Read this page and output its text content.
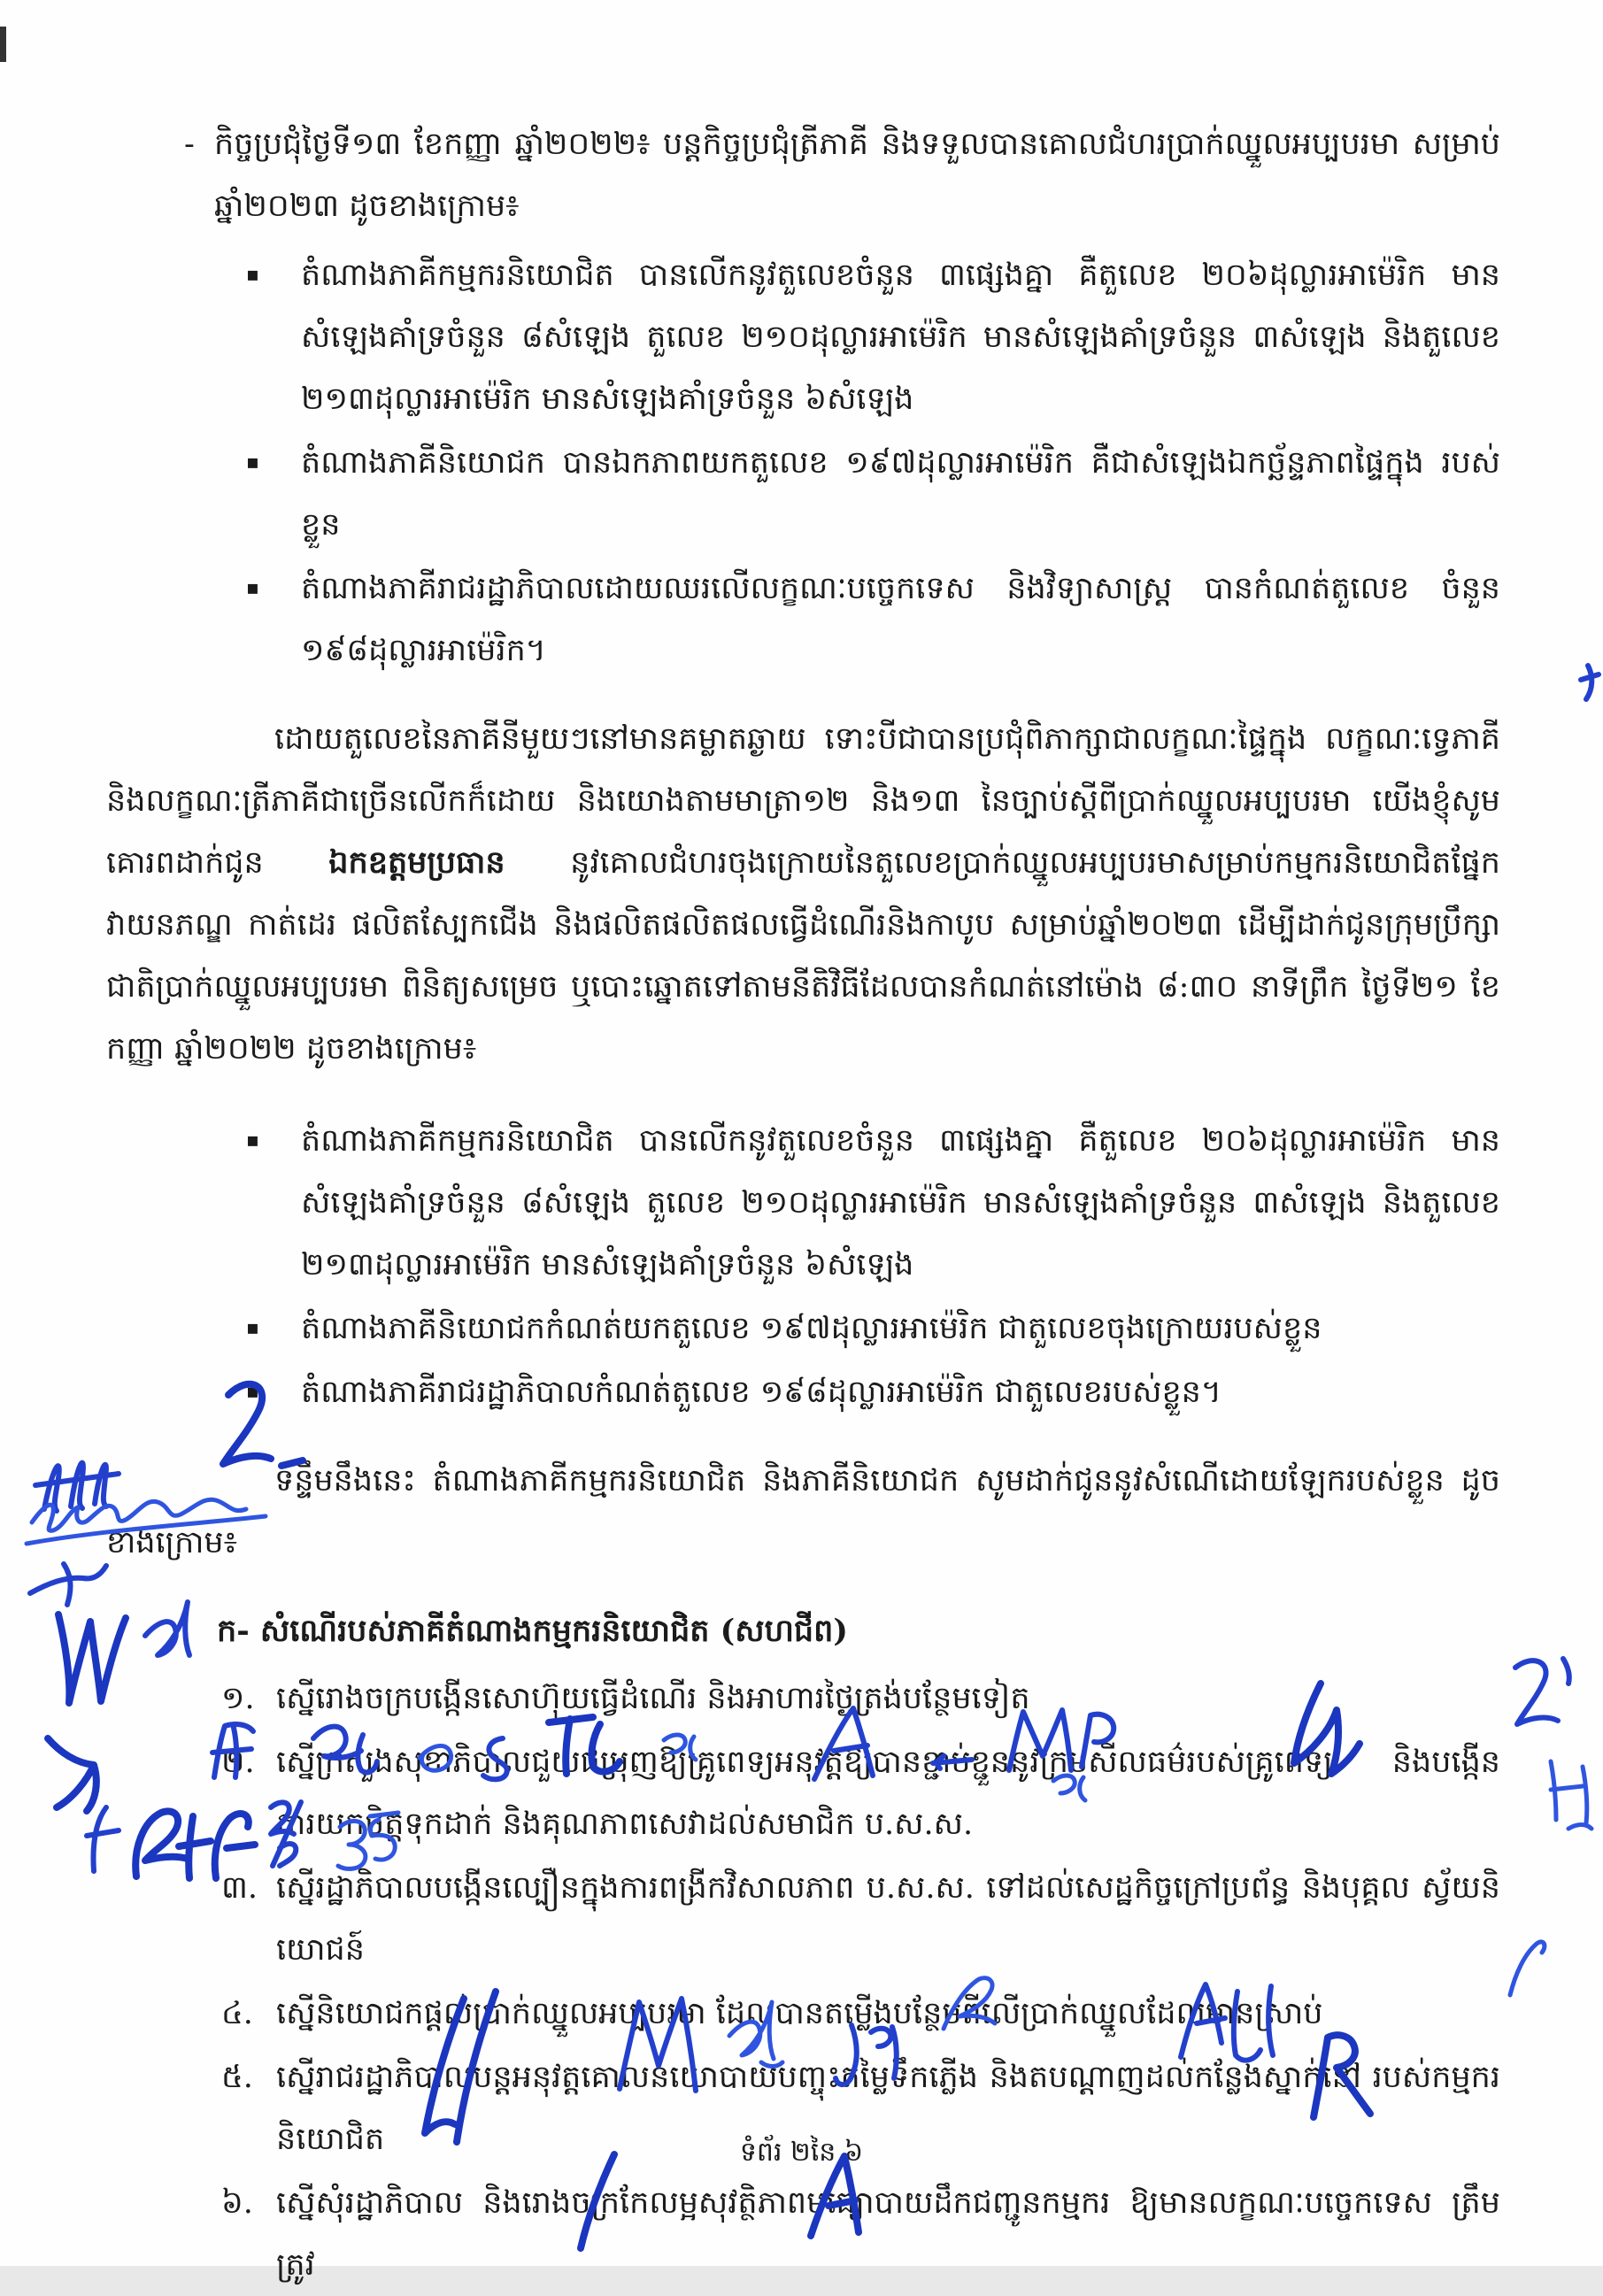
- កិច្ចប្រជុំថ្ងៃទី១៣ ខែកញ្ញា ឆ្នាំ២០២២៖ បន្តកិច្ចប្រជុំត្រីភាគី និងទទួលបានគោលជំហរប្រាក់ឈ្នួលអប្បបរមា សម្រាប់ឆ្នាំ២០២៣ ដូចខាងក្រោម៖
▪	តំណាងភាគីកម្មករនិយោជិត បានលើកនូវតួលេខចំនួន ៣ផ្សេងគ្នា គឺតួលេខ ២០៦ដុល្លារអាម៉េរិក មានសំឡេងគាំទ្រចំនួន ៨សំឡេង តួលេខ ២១០ដុល្លារអាម៉េរិក មានសំឡេងគាំទ្រចំនួន ៣សំឡេង និងតួលេខ ២១៣ដុល្លារអាម៉េរិក មានសំឡេងគាំទ្រចំនួន ៦សំឡេង
▪	តំណាងភាគីនិយោជក បានឯកភាពយកតួលេខ ១៩៧ដុល្លារអាម៉េរិក គឺជាសំឡេងឯកច្ឆ័ន្ទភាពផ្ទៃក្នុង របស់ខ្លួន
▪	តំណាងភាគីរាជរដ្ឋាភិបាលដោយឈរលើលក្ខណៈបច្ចេកទេស និងវិទ្យាសាស្ត្រ បានកំណត់តួលេខ ចំនួន ១៩៨ដុល្លារអាម៉េរិក។

ដោយតួលេខនៃភាគីនីមួយៗនៅមានគម្លាតឆ្ងាយ ទោះបីជាបានប្រជុំពិភាក្សាជាលក្ខណៈផ្ទៃក្នុង លក្ខណៈទ្វេភាគី និងលក្ខណៈត្រីភាគីជាច្រើនលើកក៏ដោយ និងយោងតាមមាត្រា១២ និង១៣ នៃច្បាប់ស្តីពីប្រាក់ឈ្នួលអប្បបរមា យើងខ្ញុំសូមគោរពដាក់ជូន ឯកឧត្តមប្រធាន នូវគោលជំហរចុងក្រោយនៃតួលេខប្រាក់ឈ្នួលអប្បបរមាសម្រាប់កម្មករនិយោជិតផ្នែកវាយនភណ្ឌ កាត់ដេរ ផលិតស្បែកជើង និងផលិតផលិតផលធ្វើដំណើរនិងកាបូប សម្រាប់ឆ្នាំ២០២៣ ដើម្បីដាក់ជូនក្រុមប្រឹក្សាជាតិប្រាក់ឈ្នួលអប្បបរមា ពិនិត្យសម្រេច ឬបោះឆ្នោតទៅតាមនីតិវិធីដែលបានកំណត់នៅម៉ោង ៨:៣០ នាទីព្រឹក ថ្ងៃទី២១ ខែកញ្ញា ឆ្នាំ២០២២ ដូចខាងក្រោម៖

▪	តំណាងភាគីកម្មករនិយោជិត បានលើកនូវតួលេខចំនួន ៣ផ្សេងគ្នា គឺតួលេខ ២០៦ដុល្លារអាម៉េរិក មានសំឡេងគាំទ្រចំនួន ៨សំឡេង តួលេខ ២១០ដុល្លារអាម៉េរិក មានសំឡេងគាំទ្រចំនួន ៣សំឡេង និងតួលេខ ២១៣ដុល្លារអាម៉េរិក មានសំឡេងគាំទ្រចំនួន ៦សំឡេង
▪	តំណាងភាគីនិយោជកកំណត់យកតួលេខ ១៩៧ដុល្លារអាម៉េរិក ជាតួលេខចុងក្រោយរបស់ខ្លួន
▪	តំណាងភាគីរាជរដ្ឋាភិបាលកំណត់តួលេខ ១៩៨ដុល្លារអាម៉េរិក ជាតួលេខរបស់ខ្លួន។

ទន្ទឹមនឹងនេះ តំណាងភាគីកម្មករនិយោជិត និងភាគីនិយោជក សូមដាក់ជូននូវសំណើដោយឡែករបស់ខ្លួន ដូចខាងក្រោម៖

ក- សំណើរបស់ភាគីតំណាងកម្មករនិយោជិត (សហជីព)
១. ស្នើរោងចក្របង្កើនសោហ៊ុយធ្វើដំណើរ និងអាហារថ្ងៃត្រង់បន្ថែមទៀត
២. ស្នើក្រសួងសុខាភិបាលជួយជម្រុញឱ្យគ្រូពេទ្យអនុវត្តឱ្យបានខ្ជាប់ខ្ជួននូវក្រមសីលធម៌របស់គ្រូពេទ្យ និងបង្កើនការយកចិត្តទុកដាក់ និងគុណភាពសេវាដល់សមាជិក ប.ស.ស.
៣. ស្នើរដ្ឋាភិបាលបង្កើនល្បឿនក្នុងការពង្រីកវិសាលភាព ប.ស.ស. ទៅដល់សេដ្ឋកិច្ចក្រៅប្រព័ន្ធ និងបុគ្គល ស្វ័យនិយោជន៍
៤. ស្នើនិយោជកផ្តល់ប្រាក់ឈ្នួលអប្បបរមា ដែលបានតម្លើងបន្ថែមពីលើប្រាក់ឈ្នួលដែលមានស្រាប់
៥. ស្នើរាជរដ្ឋាភិបាលបន្តអនុវត្តគោលនយោបាយបញ្ចុះតម្លៃទឹកភ្លើង និងតបណ្តាញដល់កន្លែងស្នាក់នៅ របស់កម្មករនិយោជិត
៦. ស្នើសុំរដ្ឋាភិបាល និងរោងចក្រកែលម្អសុវត្ថិភាពមធ្យោបាយដឹកជញ្ជូនកម្មករ ឱ្យមានលក្ខណៈបច្ចេកទេស ត្រឹមត្រូវ
ទំព័រ ២នៃ ៦
